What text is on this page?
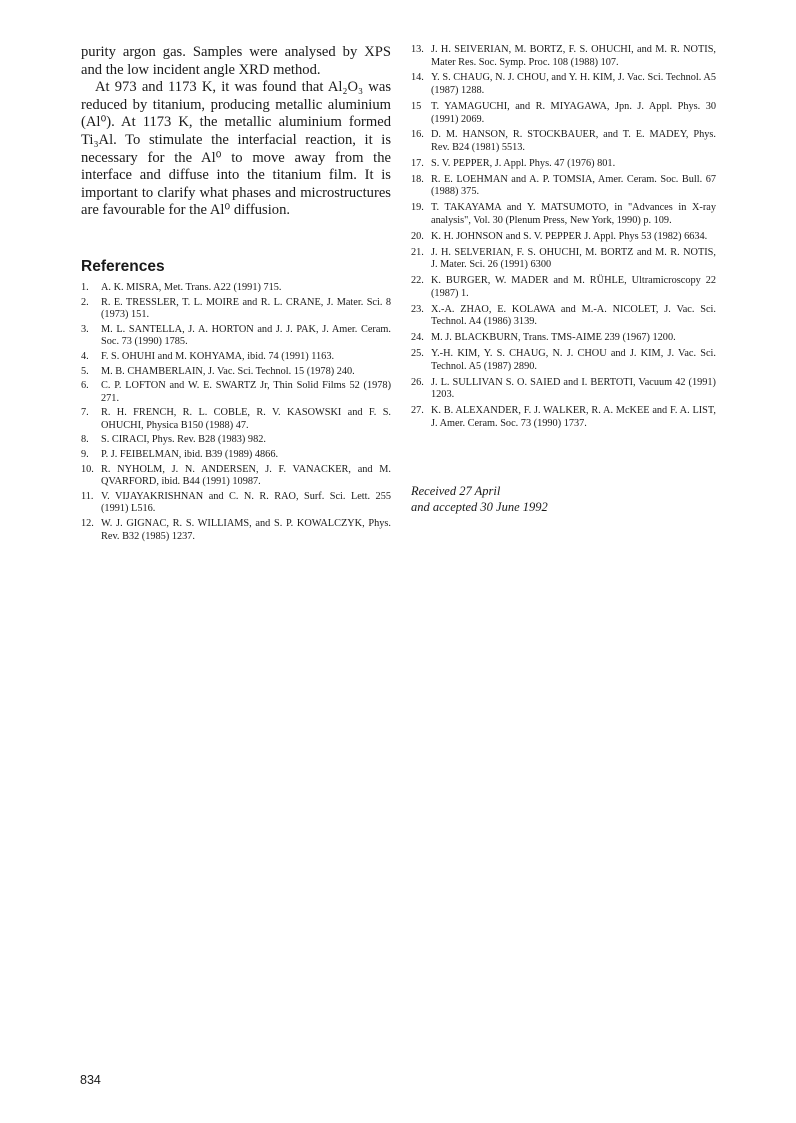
purity argon gas. Samples were analysed by XPS and the low incident angle XRD method.

At 973 and 1173 K, it was found that Al₂O₃ was reduced by titanium, producing metallic aluminium (Al⁰). At 1173 K, the metallic aluminium formed Ti₃Al. To stimulate the interfacial reaction, it is necessary for the Al⁰ to move away from the interface and diffuse into the titanium film. It is important to clarify what phases and microstructures are favourable for the Al⁰ diffusion.

References
1.	A. K. MISRA, Met. Trans. A22 (1991) 715.
2.	R. E. TRESSLER, T. L. MOIRE and R. L. CRANE, J. Mater. Sci. 8 (1973) 151.
3.	M. L. SANTELLA, J. A. HORTON and J. J. PAK, J. Amer. Ceram. Soc. 73 (1990) 1785.
4.	F. S. OHUHI and M. KOHYAMA, ibid. 74 (1991) 1163.
5.	M. B. CHAMBERLAIN, J. Vac. Sci. Technol. 15 (1978) 240.
6.	C. P. LOFTON and W. E. SWARTZ Jr, Thin Solid Films 52 (1978) 271.
7.	R. H. FRENCH, R. L. COBLE, R. V. KASOWSKI and F. S. OHUCHI, Physica B150 (1988) 47.
8.	S. CIRACI, Phys. Rev. B28 (1983) 982.
9.	P. J. FEIBELMAN, ibid. B39 (1989) 4866.
10. R. NYHOLM, J. N. ANDERSEN, J. F. VANACKER, and M. QVARFORD, ibid. B44 (1991) 10987.
11. V. VIJAYAKRISHNAN and C. N. R. RAO, Surf. Sci. Lett. 255 (1991) L516.
12. W. J. GIGNAC, R. S. WILLIAMS, and S. P. KOWALCZYK, Phys. Rev. B32 (1985) 1237.
13. J. H. SEIVERIAN, M. BORTZ, F. S. OHUCHI, and M. R. NOTIS, Mater Res. Soc. Symp. Proc. 108 (1988) 107.
14. Y. S. CHAUG, N. J. CHOU, and Y. H. KIM, J. Vac. Sci. Technol. A5 (1987) 1288.
15 T. YAMAGUCHI, and R. MIYAGAWA, Jpn. J. Appl. Phys. 30 (1991) 2069.
16. D. M. HANSON, R. STOCKBAUER, and T. E. MADEY, Phys. Rev. B24 (1981) 5513.
17. S. V. PEPPER, J. Appl. Phys. 47 (1976) 801.
18. R. E. LOEHMAN and A. P. TOMSIA, Amer. Ceram. Soc. Bull. 67 (1988) 375.
19. T. TAKAYAMA and Y. MATSUMOTO, in "Advances in X-ray analysis", Vol. 30 (Plenum Press, New York, 1990) p. 109.
20. K. H. JOHNSON and S. V. PEPPER J. Appl. Phys 53 (1982) 6634.
21. J. H. SELVERIAN, F. S. OHUCHI, M. BORTZ and M. R. NOTIS, J. Mater. Sci. 26 (1991) 6300
22. K. BURGER, W. MADER and M. RÜHLE, Ultramicroscopy 22 (1987) 1.
23. X.-A. ZHAO, E. KOLAWA and M.-A. NICOLET, J. Vac. Sci. Technol. A4 (1986) 3139.
24. M. J. BLACKBURN, Trans. TMS-AIME 239 (1967) 1200.
25. Y.-H. KIM, Y. S. CHAUG, N. J. CHOU and J. KIM, J. Vac. Sci. Technol. A5 (1987) 2890.
26. J. L. SULLIVAN S. O. SAIED and I. BERTOTI, Vacuum 42 (1991) 1203.
27. K. B. ALEXANDER, F. J. WALKER, R. A. McKEE and F. A. LIST, J. Amer. Ceram. Soc. 73 (1990) 1737.
Received 27 April
and accepted 30 June 1992
834
